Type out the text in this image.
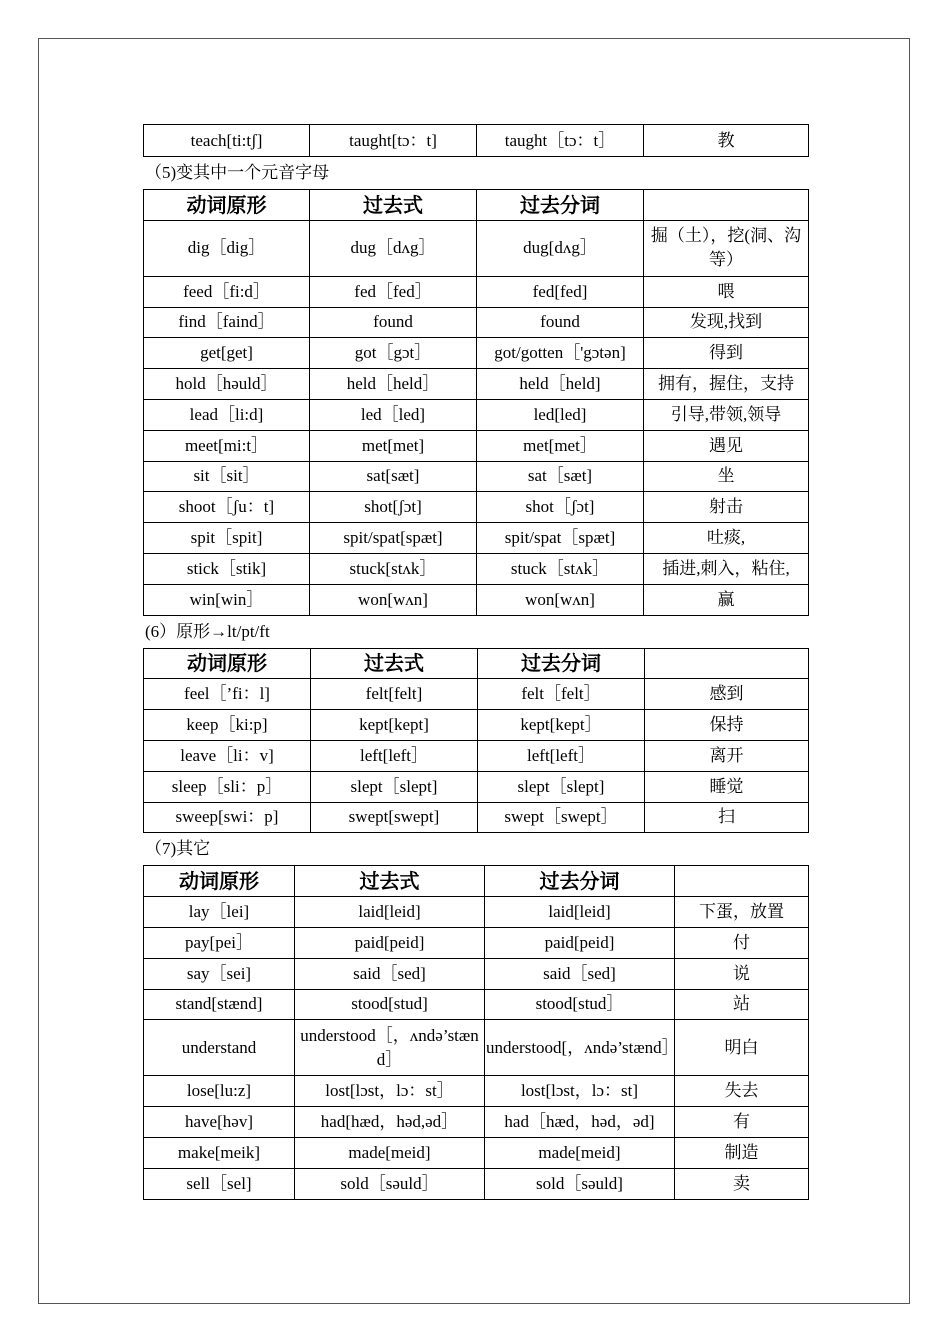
teach[ti:tʃ]	taught[tɔ：t]	taught［tɔ：t］	教
（5)变其中一个元音字母
动词原形	过去式	过去分词	
dig［dig］	dug［dʌg］	dug[dʌg］	掘（土），挖(洞、沟等）
feed［fi:d］	fed［fed］	fed[fed]	喂
find［faind］	found	found	发现,找到
get[get]	got［gɔt］	got/gotten［'gɔtən]	得到
hold［həuld］	held［held］	held［held]	拥有，握住，支持
lead［li:d]	led［led]	led[led]	引导,带领,领导
meet[mi:t］	met[met]	met[met］	遇见
sit［sit］	sat[sæt]	sat［sæt]	坐
shoot［ʃu：t]	shot[ʃɔt]	shot［ʃɔt]	射击
spit［spit]	spit/spat[spæt]	spit/spat［spæt]	吐痰,
stick［stik]	stuck[stʌk］	stuck［stʌk］	插进,刺入，粘住,
win[win］	won[wʌn]	won[wʌn]	赢
(6）原形→lt/pt/ft
动词原形	过去式	过去分词	
feel［’fi：l]	felt[felt]	felt［felt］	感到
keep［ki:p]	kept[kept]	kept[kept］	保持
leave［li：v]	left[left］	left[left］	离开
sleep［sli：p］	slept［slept]	slept［slept]	睡觉
sweep[swi：p]	swept[swept]	swept［swept］	扫
（7)其它
动词原形	过去式	过去分词	
lay［lei]	laid[leid]	laid[leid]	下蛋，放置
pay[pei］	paid[peid]	paid[peid]	付
say［sei]	said［sed]	said［sed]	说
stand[stænd]	stood[stud]	stood[stud］	站
understand	understood［，ʌndə’stænd］	understood[，ʌndə’stænd］	明白
lose[lu:z]	lost[lɔst，lɔ：st］	lost[lɔst，lɔ：st]	失去
have[həv]	had[hæd，həd,əd］	had［hæd，həd，əd]	有
make[meik]	made[meid]	made[meid]	制造
sell［sel]	sold［səuld］	sold［səuld]	卖
